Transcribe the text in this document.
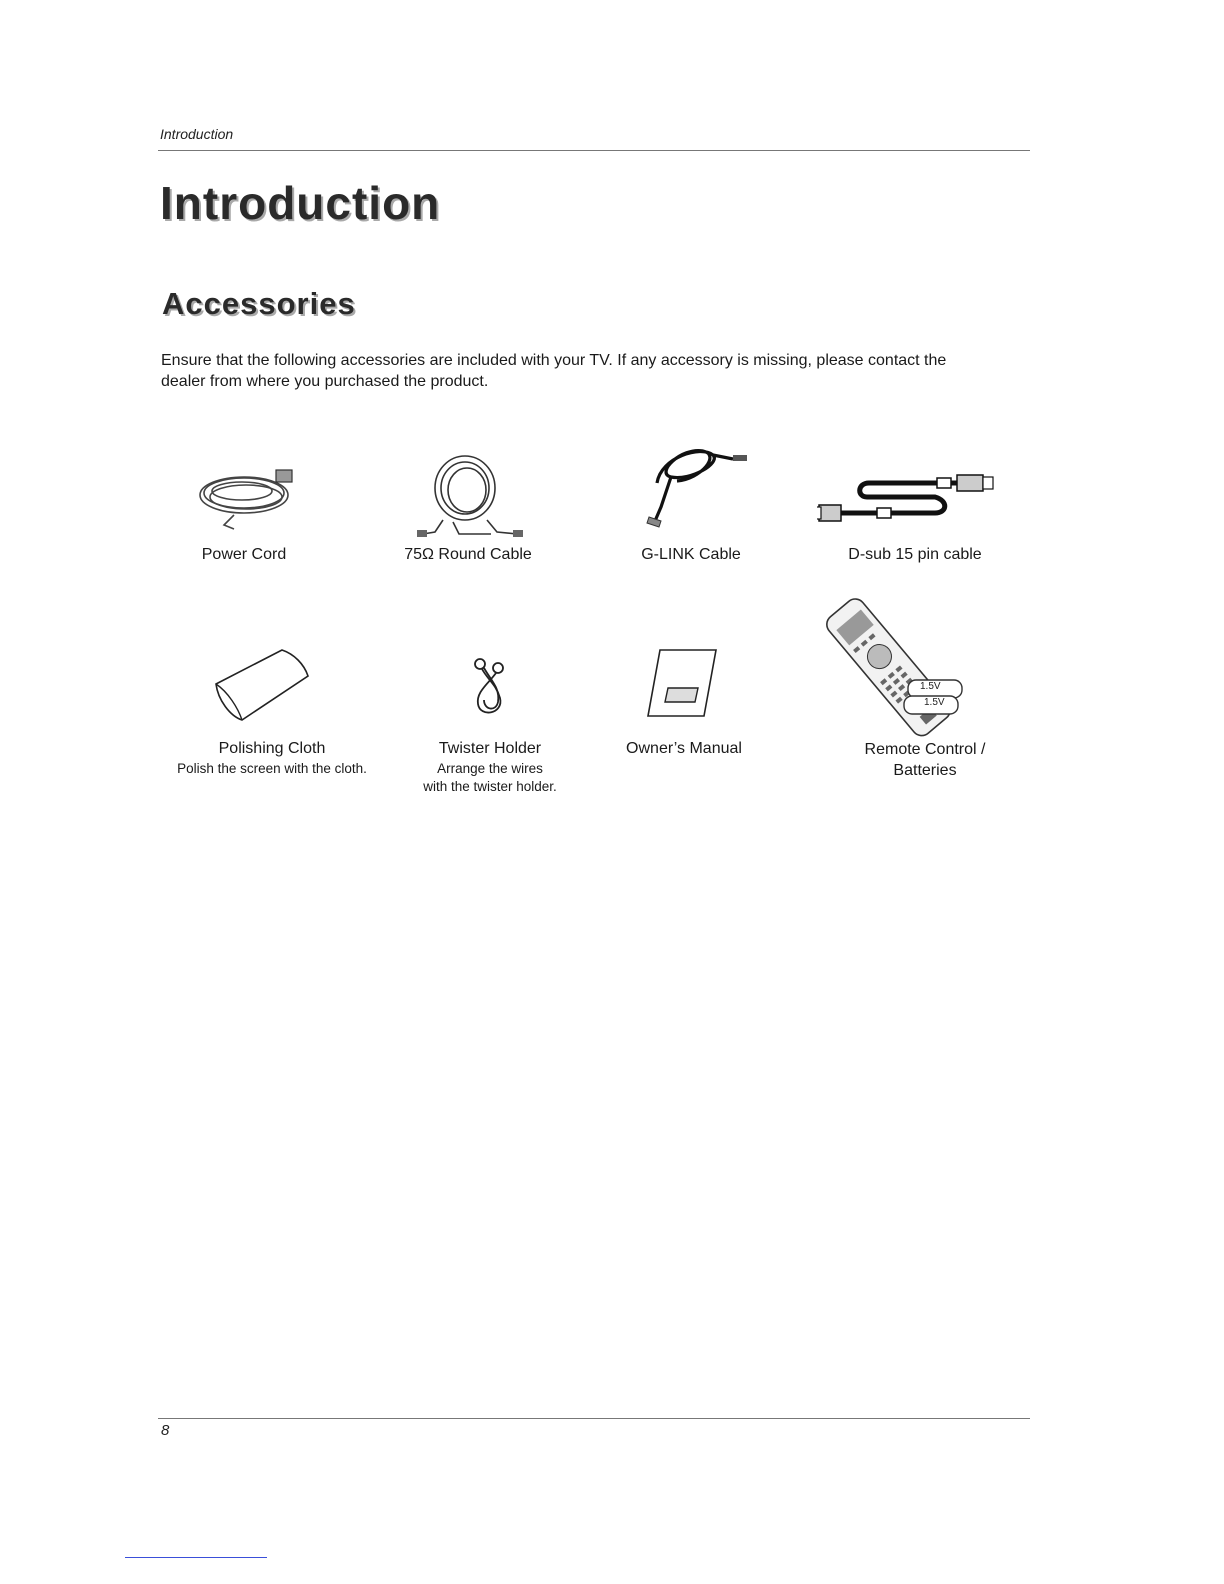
Introduction
Introduction
Accessories

Ensure that the following accessories are included with your TV. If any accessory is missing, please contact the
dealer from where you purchased the product.

Power Cord	75Ω Round Cable	G-LINK Cable	D-sub 15 pin cable
Polishing Cloth
Polish the screen with the cloth.
Twister Holder
Arrange the wires
with the twister holder.
Owner’s Manual
1.5V
1.5V
Remote Control /
Batteries
8
